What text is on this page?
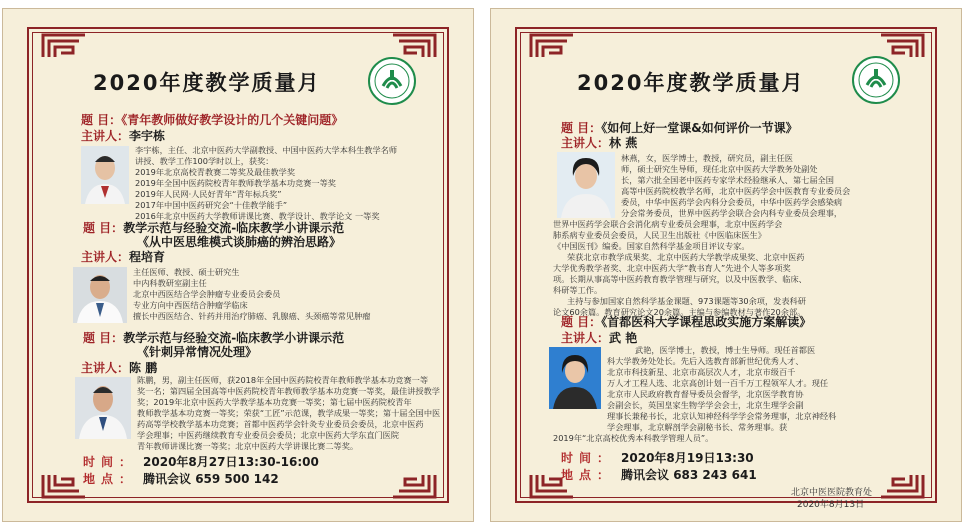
2020年度教学质量月
题 目：《青年教师做好教学设计的几个关键问题》
主讲人：李宇栋
李宇栋，主任、北京中医药大学副教授、中国中医药大学本科生教学名师
讲授、教学工作100学时以上，获奖：
2019年北京高校青教赛二等奖及最佳教学奖
2019年全国中医药院校青年教师教学基本功竞赛一等奖
2019年人民网·人民好青年“青年标兵奖”
2017年中国中医药研究会“十佳教学能手”
2016年北京中医药大学教师讲课比赛、教学设计、教学论文 一等奖
题 目：教学示范与经验交流-临床教学小讲课示范
《从中医思维模式谈肺癌的辨治思路》
主讲人：程培育
主任医师、教授、硕士研究生
中内科教研室副主任
北京中西医结合学会肿瘤专业委员会委员
专业方向中西医结合肿瘤学临床
擅长中西医结合、针药并用治疗肺癌、乳腺癌、头颈癌等常见肿瘤
题 目：教学示范与经验交流-临床教学小讲课示范
《针刺异常情况处理》
主讲人：陈 鹏
陈鹏，男，副主任医师，获2018年全国中医药院校青年教师教学基本功竞赛一等
奖一名；第四届全国高等中医药院校青年教师教学基本功竞赛一等奖，最佳讲授教学
奖；2019年北京中医药大学教学基本功竞赛一等奖；第七届中医药院校青年
教师教学基本功竞赛一等奖；荣获“工匠”示范课，教学成果一等奖；第十届全国中医
药高等学校教学基本功竞赛；首都中医药学会针灸专业委员会委员，北京中医药
学会理事；中医药继续教育专业委员会委员；北京中医药大学东直门医院
青年教师讲课比赛一等奖；北京中医药大学讲课比赛二等奖。
时间： 2020年8月27日13:30-16:00
地点： 腾讯会议 659 500 142
2020年度教学质量月
题 目：《如何上好一堂课&如何评价一节课》
主讲人：林 燕
林燕，女，医学博士，教授，研究员，副主任医
师，硕士研究生导师，现任北京中医药大学教务处副处
长，第六批全国老中医药专家学术经验继承人、第七届全国
高等中医药院校教学名师，北京中医药学会中医教育专业委员会
委员，中华中医药学会内科分会委员，中华中医药学会感染病
分会常务委员，世界中医药学会联合会内科专业委员会理事，
世界中医药学会联合会消化病专业委员会理事，北京中医药学会
肺系病专业委员会委员，人民卫生出版社《中医临床医生》
《中国医刊》编委。国家自然科学基金项目评议专家。
荣获北京市教学成果奖、北京中医药大学教学成果奖、北京中医药
大学优秀教学者奖、北京中医药大学“教书育人”先进个人等多项奖
项。长期从事高等中医药教育教学管理与研究，以及中医教学、临床、
科研等工作。
主持与参加国家自然科学基金课题、973课题等30余项，发表科研
论文60余篇。教育研究论文20余篇。主编与参编教材与著作20余部。
题 目：《首都医科大学课程思政实施方案解读》
主讲人：武 艳
武艳，医学博士，教授，博士生导师。现任首都医
科大学教务处处长。先后入选教育部新世纪优秀人才、
北京市科技新星、北京市高层次人才，北京市级百千
万人才工程人选、北京高创计划一百千万工程领军人才。现任
北京市人民政府教育督导委员会督学，北京医学教育协
会副会长，英国皇家生物学学会会士，北京生理学会副
理事长兼秘书长，北京认知神经科学学会常务理事，北京神经科
学会理事，北京解剖学会副秘书长、常务理事。获
2019年“北京高校优秀本科教学管理人员”。
时间： 2020年8月19日13:30
地点： 腾讯会议 683 243 641
北京中医医院教育处
2020年8月13日
